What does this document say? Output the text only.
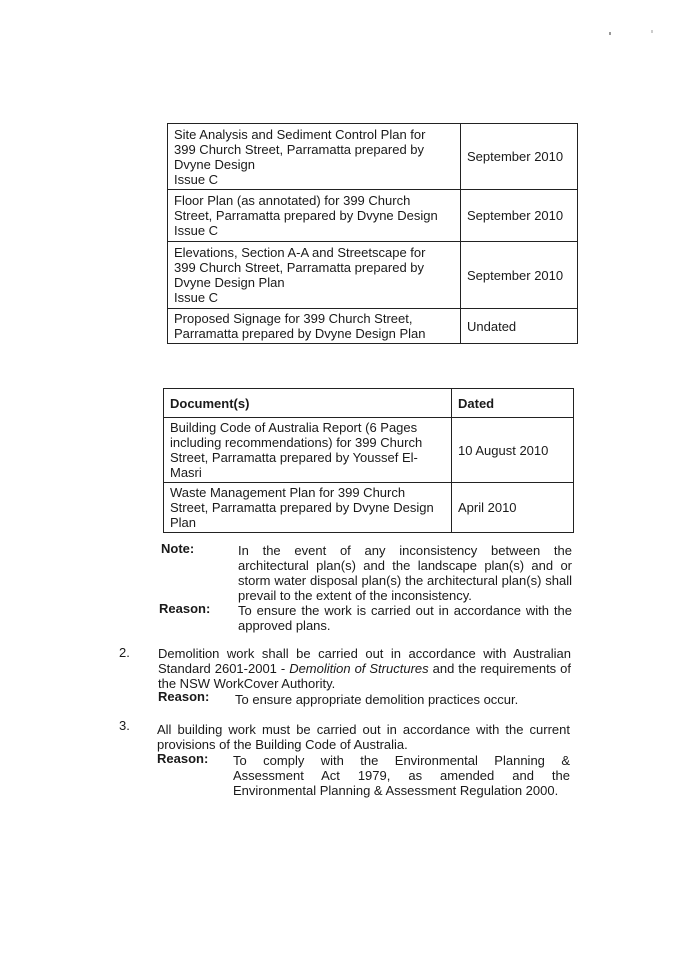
Site Analysis and Sediment Control Plan for
399 Church Street, Parramatta prepared by
Dvyne Design
Issue C	September 2010

Floor Plan (as annotated) for 399 Church
Street, Parramatta prepared by Dvyne Design
Issue C	September 2010

Elevations, Section A-A and Streetscape for
399 Church Street, Parramatta prepared by
Dvyne Design Plan
Issue C	September 2010

Proposed Signage for 399 Church Street,
Parramatta prepared by Dvyne Design Plan	Undated
Document(s)	Dated

Building Code of Australia Report (6 Pages
including recommendations) for 399 Church
Street, Parramatta prepared by Youssef El-
Masri	10 August 2010

Waste Management Plan for 399 Church
Street, Parramatta prepared by Dvyne Design
Plan	April 2010
Note:	In the event of any inconsistency between the
architectural plan(s) and the landscape plan(s) and or
storm water disposal plan(s) the architectural plan(s) shall
prevail to the extent of the inconsistency.
Reason: To ensure the work is carried out in accordance with the
approved plans.
2. Demolition work shall be carried out in accordance with Australian
Standard 2601-2001 - Demolition of Structures and the requirements of
the NSW WorkCover Authority.
Reason: To ensure appropriate demolition practices occur.
3. All building work must be carried out in accordance with the current
provisions of the Building Code of Australia.
Reason: To comply with the Environmental Planning &
Assessment Act 1979, as amended and the
Environmental Planning & Assessment Regulation 2000.
